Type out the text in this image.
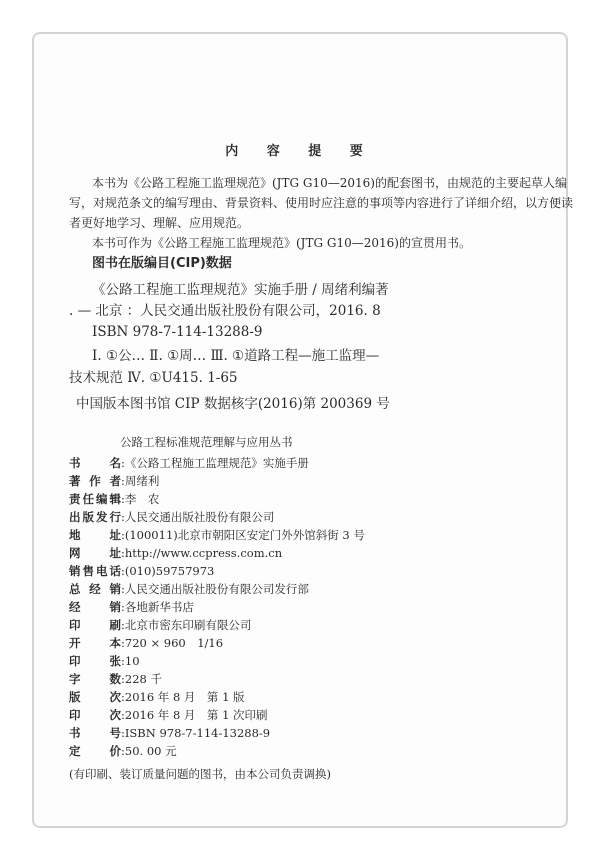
内 容 提 要
本书为《公路工程施工监理规范》(JTG G10—2016)的配套图书，由规范的主要起草人编
写，对规范条文的编写理由、背景资料、使用时应注意的事项等内容进行了详细介绍，以方便读
者更好地学习、理解、应用规范。
本书可作为《公路工程施工监理规范》(JTG G10—2016)的宣贯用书。
图书在版编目(CIP)数据
《公路工程施工监理规范》实施手册 / 周绪利编著
. — 北京 ：人民交通出版社股份有限公司，2016. 8
ISBN 978-7-114-13288-9
Ⅰ. ①公… Ⅱ. ①周… Ⅲ. ①道路工程—施工监理—
技术规范 Ⅳ. ①U415. 1-65
中国版本图书馆 CIP 数据核字(2016)第 200369 号
公路工程标准规范理解与应用丛书
书名:《公路工程施工监理规范》实施手册
著作者:周绪利
责任编辑:李　农
出版发行:人民交通出版社股份有限公司
地址:(100011)北京市朝阳区安定门外外馆斜街 3 号
网址:http://www.ccpress.com.cn
销售电话:(010)59757973
总经销:人民交通出版社股份有限公司发行部
经销:各地新华书店
印刷:北京市密东印刷有限公司
开本:720 × 960　1/16
印张:10
字数:228 千
版次:2016 年 8 月　第 1 版
印次:2016 年 8 月　第 1 次印刷
书号:ISBN 978-7-114-13288-9
定价:50. 00 元
(有印刷、装订质量问题的图书，由本公司负责调换)
